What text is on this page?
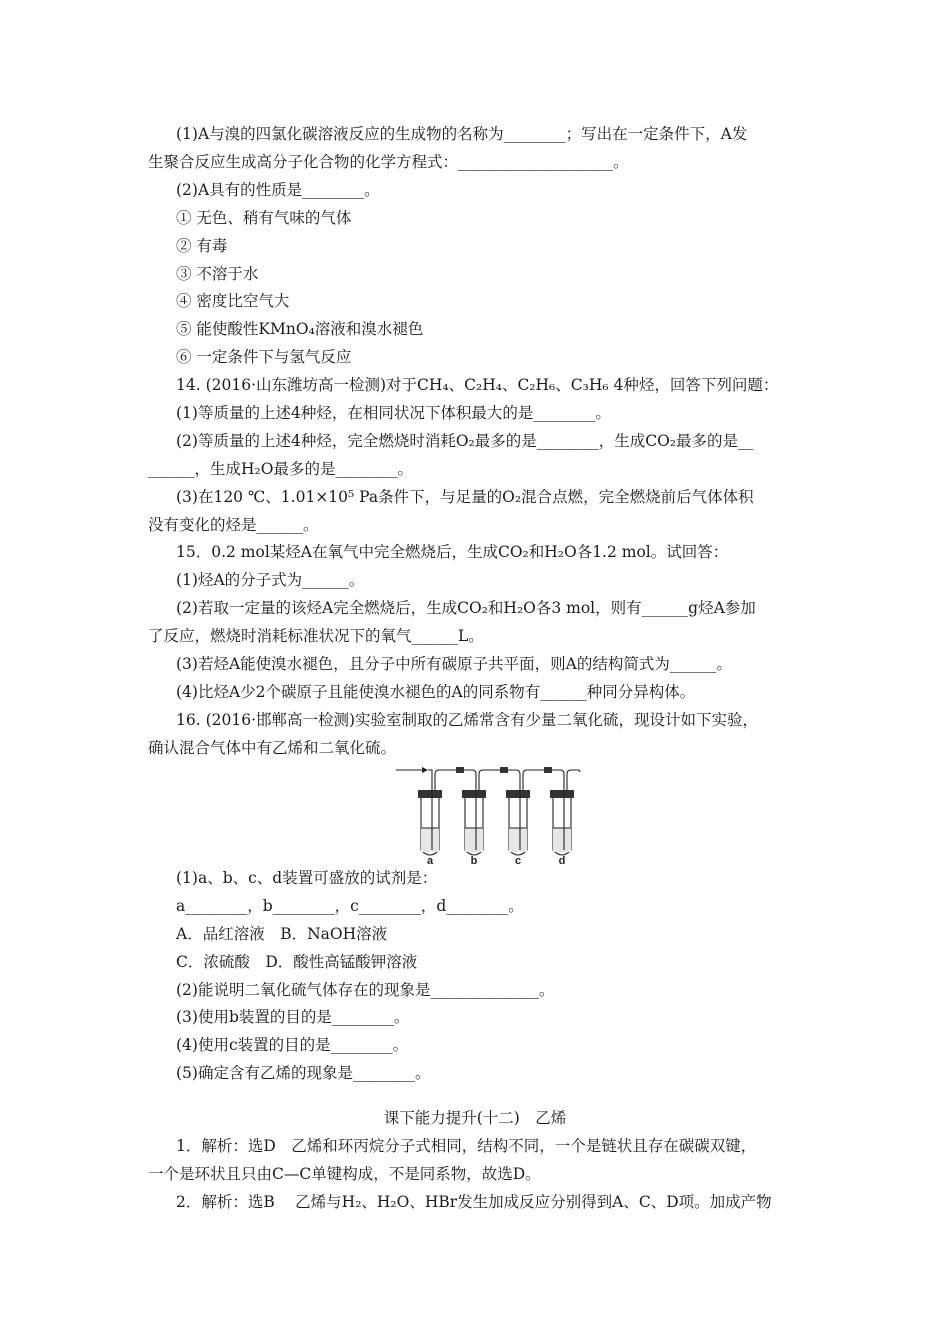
(1)A与溴的四氯化碳溶液反应的生成物的名称为________；写出在一定条件下，A发
生聚合反应生成高分子化合物的化学方程式：____________________。
(2)A具有的性质是________。
① 无色、稍有气味的气体
② 有毒
③ 不溶于水
④ 密度比空气大
⑤ 能使酸性KMnO₄溶液和溴水褪色
⑥ 一定条件下与氢气反应
14. (2016·山东潍坊高一检测)对于CH₄、C₂H₄、C₂H₆、C₃H₆ 4种烃，回答下列问题：
(1)等质量的上述4种烃，在相同状况下体积最大的是________。
(2)等质量的上述4种烃，完全燃烧时消耗O₂最多的是________，生成CO₂最多的是__
______，生成H₂O最多的是________。
(3)在120 ℃、1.01×10⁵ Pa条件下，与足量的O₂混合点燃，完全燃烧前后气体体积
没有变化的烃是______。
15．0.2 mol某烃A在氧气中完全燃烧后，生成CO₂和H₂O各1.2 mol。试回答：
(1)烃A的分子式为______。
(2)若取一定量的该烃A完全燃烧后，生成CO₂和H₂O各3 mol，则有______g烃A参加
了反应，燃烧时消耗标准状况下的氧气______L。
(3)若烃A能使溴水褪色，且分子中所有碳原子共平面，则A的结构简式为______。
(4)比烃A少2个碳原子且能使溴水褪色的A的同系物有______种同分异构体。
16. (2016·邯郸高一检测)实验室制取的乙烯常含有少量二氧化硫，现设计如下实验，
确认混合气体中有乙烯和二氧化硫。
a	b	c	d
(1)a、b、c、d装置可盛放的试剂是：
a________，b________，c________，d________。
A．品红溶液　B．NaOH溶液
C．浓硫酸　D．酸性高锰酸钾溶液
(2)能说明二氧化硫气体存在的现象是______________。
(3)使用b装置的目的是________。
(4)使用c装置的目的是________。
(5)确定含有乙烯的现象是________。
课下能力提升(十二)　乙烯
1．解析：选D　乙烯和环丙烷分子式相同，结构不同，一个是链状且存在碳碳双键，
一个是环状且只由C—C单键构成，不是同系物，故选D。
2．解析：选B　 乙烯与H₂、H₂O、HBr发生加成反应分别得到A、C、D项。加成产物
